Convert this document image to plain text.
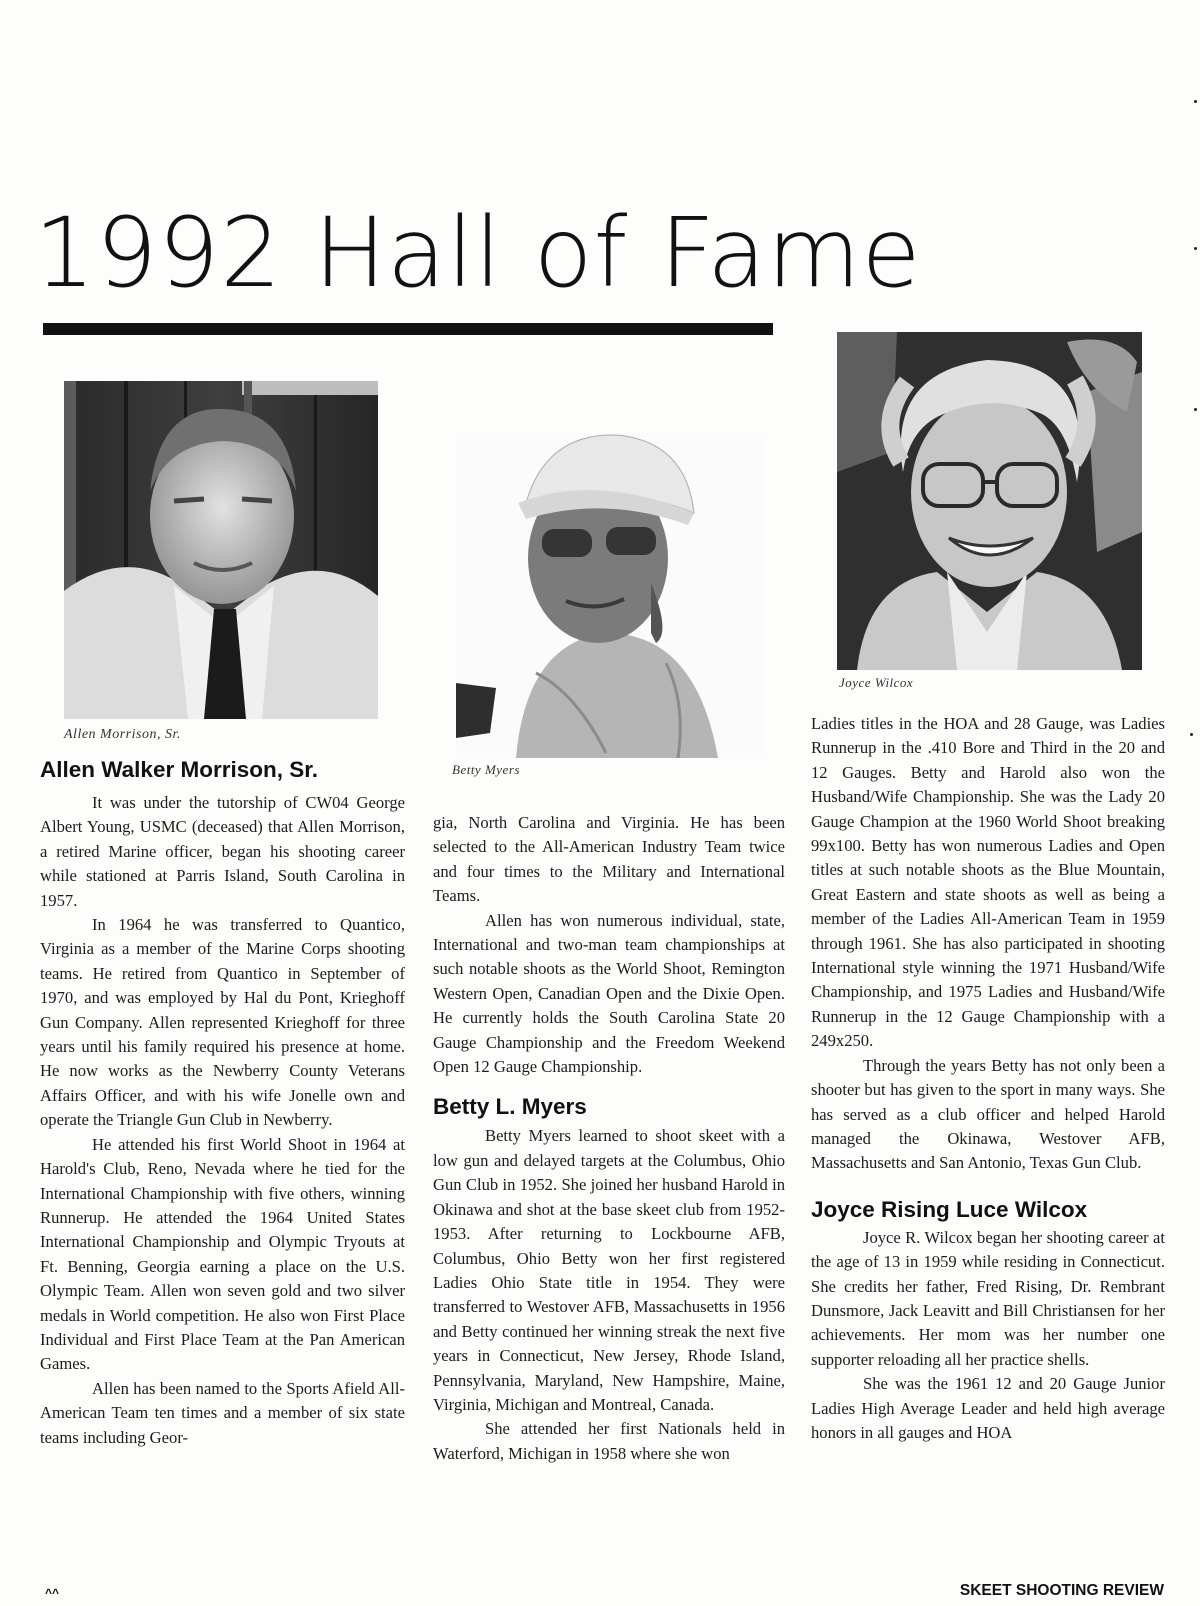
1992 Hall of Fame
Allen Morrison, Sr.
Betty Myers
Joyce Wilcox
Allen Walker Morrison, Sr.

It was under the tutorship of CW04 George Albert Young, USMC (deceased) that Allen Morrison, a retired Marine officer, began his shooting career while stationed at Parris Island, South Carolina in 1957.

In 1964 he was transferred to Quantico, Virginia as a member of the Marine Corps shooting teams. He retired from Quantico in September of 1970, and was employed by Hal du Pont, Krieghoff Gun Company. Allen represented Krieghoff for three years until his family required his presence at home. He now works as the Newberry County Veterans Affairs Officer, and with his wife Jonelle own and operate the Triangle Gun Club in Newberry.

He attended his first World Shoot in 1964 at Harold's Club, Reno, Nevada where he tied for the International Championship with five others, winning Runnerup. He attended the 1964 United States International Championship and Olympic Tryouts at Ft. Benning, Georgia earning a place on the U.S. Olympic Team. Allen won seven gold and two silver medals in World competition. He also won First Place Individual and First Place Team at the Pan American Games.

Allen has been named to the Sports Afield All-American Team ten times and a member of six state teams including Geor-

gia, North Carolina and Virginia. He has been selected to the All-American Industry Team twice and four times to the Military and International Teams.

Allen has won numerous individual, state, International and two-man team championships at such notable shoots as the World Shoot, Remington Western Open, Canadian Open and the Dixie Open. He currently holds the South Carolina State 20 Gauge Championship and the Freedom Weekend Open 12 Gauge Championship.

Betty L. Myers

Betty Myers learned to shoot skeet with a low gun and delayed targets at the Columbus, Ohio Gun Club in 1952. She joined her husband Harold in Okinawa and shot at the base skeet club from 1952-1953. After returning to Lockbourne AFB, Columbus, Ohio Betty won her first registered Ladies Ohio State title in 1954. They were transferred to Westover AFB, Massachusetts in 1956 and Betty continued her winning streak the next five years in Connecticut, New Jersey, Rhode Island, Pennsylvania, Maryland, New Hampshire, Maine, Virginia, Michigan and Montreal, Canada.

She attended her first Nationals held in Waterford, Michigan in 1958 where she won

Ladies titles in the HOA and 28 Gauge, was Ladies Runnerup in the .410 Bore and Third in the 20 and 12 Gauges. Betty and Harold also won the Husband/Wife Championship. She was the Lady 20 Gauge Champion at the 1960 World Shoot breaking 99x100. Betty has won numerous Ladies and Open titles at such notable shoots as the Blue Mountain, Great Eastern and state shoots as well as being a member of the Ladies All-American Team in 1959 through 1961. She has also participated in shooting International style winning the 1971 Husband/Wife Championship, and 1975 Ladies and Husband/Wife Runnerup in the 12 Gauge Championship with a 249x250.

Through the years Betty has not only been a shooter but has given to the sport in many ways. She has served as a club officer and helped Harold managed the Okinawa, Westover AFB, Massachusetts and San Antonio, Texas Gun Club.

Joyce Rising Luce Wilcox

Joyce R. Wilcox began her shooting career at the age of 13 in 1959 while residing in Connecticut. She credits her father, Fred Rising, Dr. Rembrant Dunsmore, Jack Leavitt and Bill Christiansen for her achievements. Her mom was her number one supporter reloading all her practice shells.

She was the 1961 12 and 20 Gauge Junior Ladies High Average Leader and held high average honors in all gauges and HOA

^^	SKEET SHOOTING REVIEW
